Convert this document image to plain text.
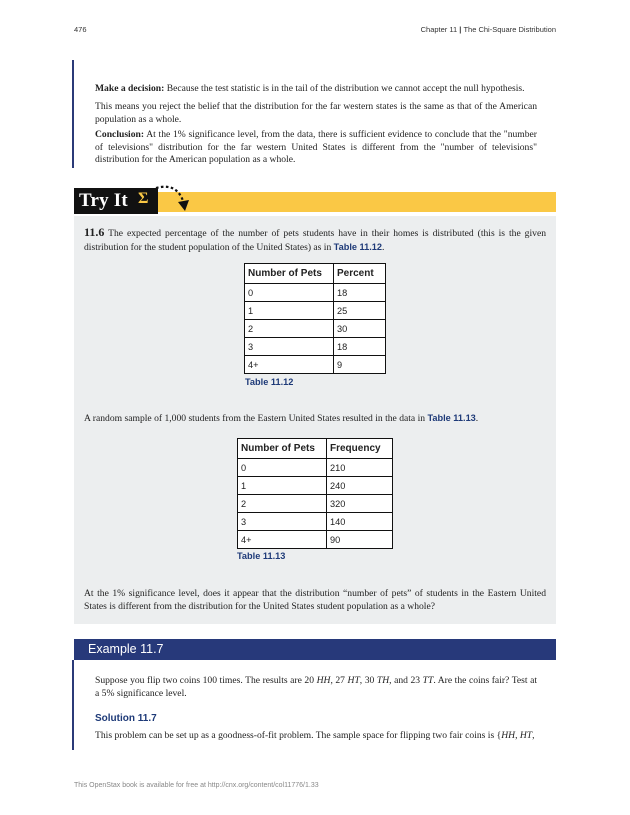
476	Chapter 11 | The Chi-Square Distribution

Make a decision: Because the test statistic is in the tail of the distribution we cannot accept the null hypothesis.

This means you reject the belief that the distribution for the far western states is the same as that of the American population as a whole.

Conclusion: At the 1% significance level, from the data, there is sufficient evidence to conclude that the "number of televisions" distribution for the far western United States is different from the "number of televisions" distribution for the American population as a whole.

Try It Σ

11.6 The expected percentage of the number of pets students have in their homes is distributed (this is the given distribution for the student population of the United States) as in Table 11.12.

Number of Pets	Percent
0	18
1	25
2	30
3	18
4+	9
Table 11.12

A random sample of 1,000 students from the Eastern United States resulted in the data in Table 11.13.

Number of Pets	Frequency
0	210
1	240
2	320
3	140
4+	90
Table 11.13

At the 1% significance level, does it appear that the distribution “number of pets” of students in the Eastern United States is different from the distribution for the United States student population as a whole?

Example 11.7

Suppose you flip two coins 100 times. The results are 20 HH, 27 HT, 30 TH, and 23 TT. Are the coins fair? Test at a 5% significance level.

Solution 11.7

This problem can be set up as a goodness-of-fit problem. The sample space for flipping two fair coins is {HH, HT,

This OpenStax book is available for free at http://cnx.org/content/col11776/1.33
